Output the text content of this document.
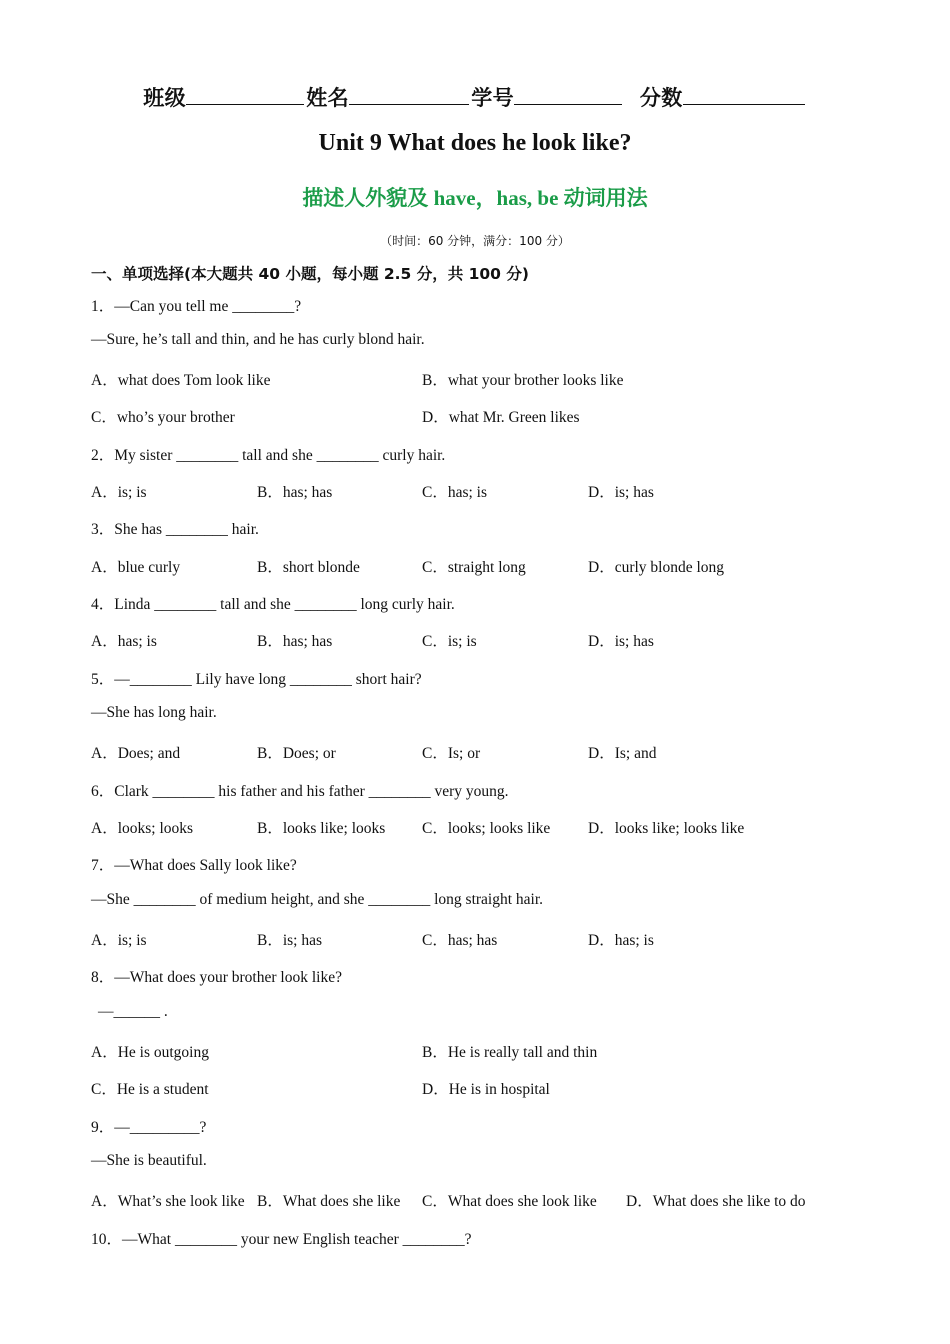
班级	姓名	学号	分数
Unit 9 What does he look like?
描述人外貌及 have，has, be 动词用法
（时间：60 分钟，满分：100 分）
一、单项选择(本大题共 40 小题，每小题 2.5 分，共 100 分)
1．—Can you tell me ________?
—Sure, he’s tall and thin, and he has curly blond hair.
A．what does Tom look like	B．what your brother looks like
C．who’s your brother	D．what Mr. Green likes
2．My sister ________ tall and she ________ curly hair.
A．is; is	B．has; has	C．has; is	D．is; has
3．She has ________ hair.
A．blue curly	B．short blonde	C．straight long	D．curly blonde long
4．Linda ________ tall and she ________ long curly hair.
A．has; is	B．has; has	C．is; is	D．is; has
5．—________ Lily have long ________ short hair?
—She has long hair.
A．Does; and	B．Does; or	C．Is; or	D．Is; and
6．Clark ________ his father and his father ________ very young.
A．looks; looks	B．looks like; looks C．looks; looks like D．looks like; looks like
7．—What does Sally look like?
—She ________ of medium height, and she ________ long straight hair.
A．is; is	B．is; has	C．has; has	D．has; is
8．—What does your brother look like?
—______ .
A．He is outgoing	B．He is really tall and thin
C．He is a student	D．He is in hospital
9．—_________?
—She is beautiful.
A．What’s she look like B．What does she like C．What does she look like D．What does she like to do
10．—What ________ your new English teacher ________?
